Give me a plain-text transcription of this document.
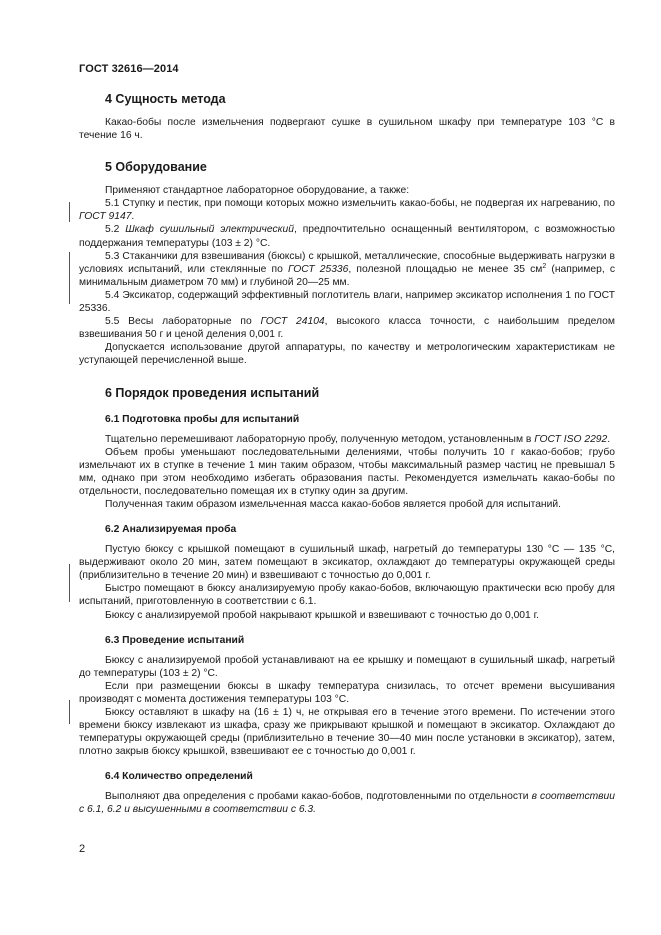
ГОСТ 32616—2014
4 Сущность метода

Какао-бобы после измельчения подвергают сушке в сушильном шкафу при температуре 103 °С в течение 16 ч.

5 Оборудование

Применяют стандартное лабораторное оборудование, а также:

5.1 Ступку и пестик, при помощи которых можно измельчить какао-бобы, не подвергая их нагреванию, по ГОСТ 9147.

5.2 Шкаф сушильный электрический, предпочтительно оснащенный вентилятором, с возможностью поддержания температуры (103 ± 2) °С.

5.3 Стаканчики для взвешивания (бюксы) с крышкой, металлические, способные выдерживать нагрузки в условиях испытаний, или стеклянные по ГОСТ 25336, полезной площадью не менее 35 $см^2$ (например, с минимальным диаметром 70 мм) и глубиной 20—25 мм.

5.4 Эксикатор, содержащий эффективный поглотитель влаги, например эксикатор исполнения 1 по ГОСТ 25336.

5.5 Весы лабораторные по ГОСТ 24104, высокого класса точности, с наибольшим пределом взвешивания 50 г и ценой деления 0,001 г.

Допускается использование другой аппаратуры, по качеству и метрологическим характеристикам не уступающей перечисленной выше.

6 Порядок проведения испытаний
6.1 Подготовка пробы для испытаний

Тщательно перемешивают лабораторную пробу, полученную методом, установленным в ГОСТ ISO 2292.

Объем пробы уменьшают последовательными делениями, чтобы получить 10 г какао-бобов; грубо измельчают их в ступке в течение 1 мин таким образом, чтобы максимальный размер частиц не превышал 5 мм, однако при этом необходимо избегать образования пасты. Рекомендуется измельчать какао-бобы по отдельности, последовательно помещая их в ступку один за другим.

Полученная таким образом измельченная масса какао-бобов является пробой для испытаний.

6.2 Анализируемая проба

Пустую бюксу с крышкой помещают в сушильный шкаф, нагретый до температуры 130 °С — 135 °С, выдерживают около 20 мин, затем помещают в эксикатор, охлаждают до температуры окружающей среды (приблизительно в течение 20 мин) и взвешивают с точностью до 0,001 г.

Быстро помещают в бюксу анализируемую пробу какао-бобов, включающую практически всю пробу для испытаний, приготовленную в соответствии с 6.1.

Бюксу с анализируемой пробой накрывают крышкой и взвешивают с точностью до 0,001 г.

6.3 Проведение испытаний

Бюксу с анализируемой пробой устанавливают на ее крышку и помещают в сушильный шкаф, нагретый до температуры (103 ± 2) °С.

Если при размещении бюксы в шкафу температура снизилась, то отсчет времени высушивания производят с момента достижения температуры 103 °С.

Бюксу оставляют в шкафу на (16 ± 1) ч, не открывая его в течение этого времени. По истечении этого времени бюксу извлекают из шкафа, сразу же прикрывают крышкой и помещают в эксикатор. Охлаждают до температуры окружающей среды (приблизительно в течение 30—40 мин после установки в эксикатор), затем, плотно закрыв бюксу крышкой, взвешивают ее с точностью до 0,001 г.

6.4 Количество определений

Выполняют два определения с пробами какао-бобов, подготовленными по отдельности в соответствии с 6.1, 6.2 и высушенными в соответствии с 6.3.

2
